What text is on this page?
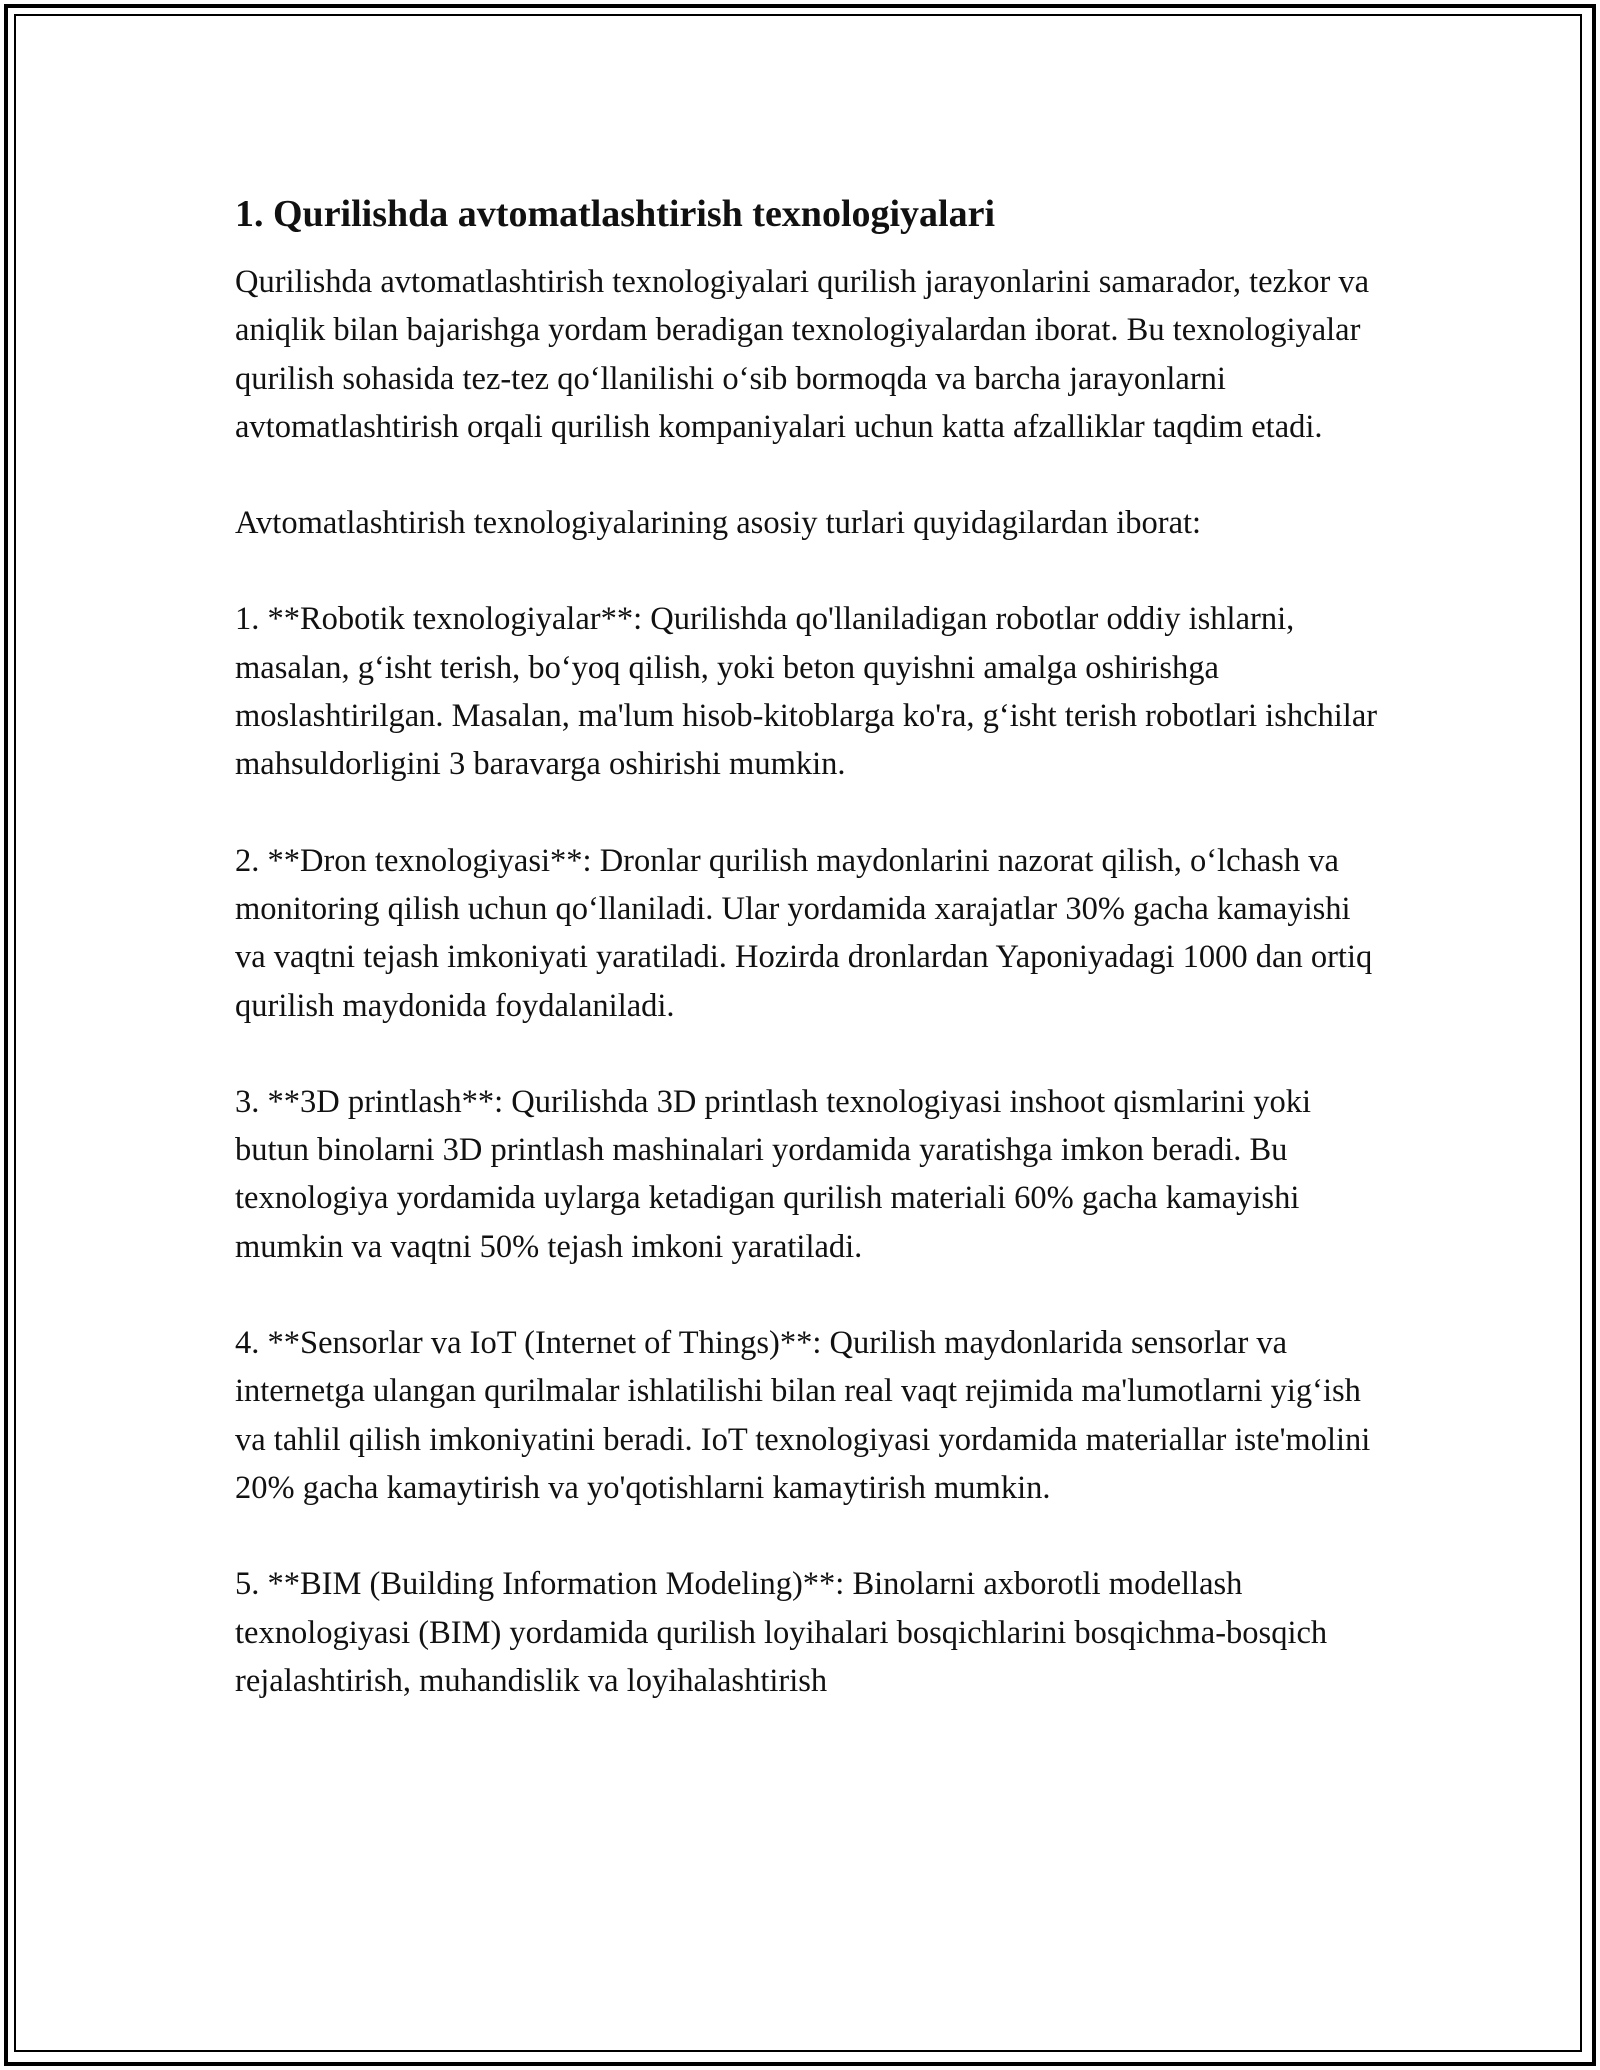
1. Qurilishda avtomatlashtirish texnologiyalari

Qurilishda avtomatlashtirish texnologiyalari qurilish jarayonlarini samarador, tezkor va aniqlik bilan bajarishga yordam beradigan texnologiyalardan iborat. Bu texnologiyalar qurilish sohasida tez-tez qo‘llanilishi o‘sib bormoqda va barcha jarayonlarni avtomatlashtirish orqali qurilish kompaniyalari uchun katta afzalliklar taqdim etadi.

Avtomatlashtirish texnologiyalarining asosiy turlari quyidagilardan iborat:

1. **Robotik texnologiyalar**: Qurilishda qo'llaniladigan robotlar oddiy ishlarni, masalan, g‘isht terish, bo‘yoq qilish, yoki beton quyishni amalga oshirishga moslashtirilgan. Masalan, ma'lum hisob-kitoblarga ko'ra, g‘isht terish robotlari ishchilar mahsuldorligini 3 baravarga oshirishi mumkin.

2. **Dron texnologiyasi**: Dronlar qurilish maydonlarini nazorat qilish, o‘lchash va monitoring qilish uchun qo‘llaniladi. Ular yordamida xarajatlar 30% gacha kamayishi va vaqtni tejash imkoniyati yaratiladi. Hozirda dronlardan Yaponiyadagi 1000 dan ortiq qurilish maydonida foydalaniladi.

3. **3D printlash**: Qurilishda 3D printlash texnologiyasi inshoot qismlarini yoki butun binolarni 3D printlash mashinalari yordamida yaratishga imkon beradi. Bu texnologiya yordamida uylarga ketadigan qurilish materiali 60% gacha kamayishi mumkin va vaqtni 50% tejash imkoni yaratiladi.

4. **Sensorlar va IoT (Internet of Things)**: Qurilish maydonlarida sensorlar va internetga ulangan qurilmalar ishlatilishi bilan real vaqt rejimida ma'lumotlarni yig‘ish va tahlil qilish imkoniyatini beradi. IoT texnologiyasi yordamida materiallar iste'molini 20% gacha kamaytirish va yo'qotishlarni kamaytirish mumkin.

5. **BIM (Building Information Modeling)**: Binolarni axborotli modellash texnologiyasi (BIM) yordamida qurilish loyihalari bosqichlarini bosqichma-bosqich rejalashtirish, muhandislik va loyihalashtirish
